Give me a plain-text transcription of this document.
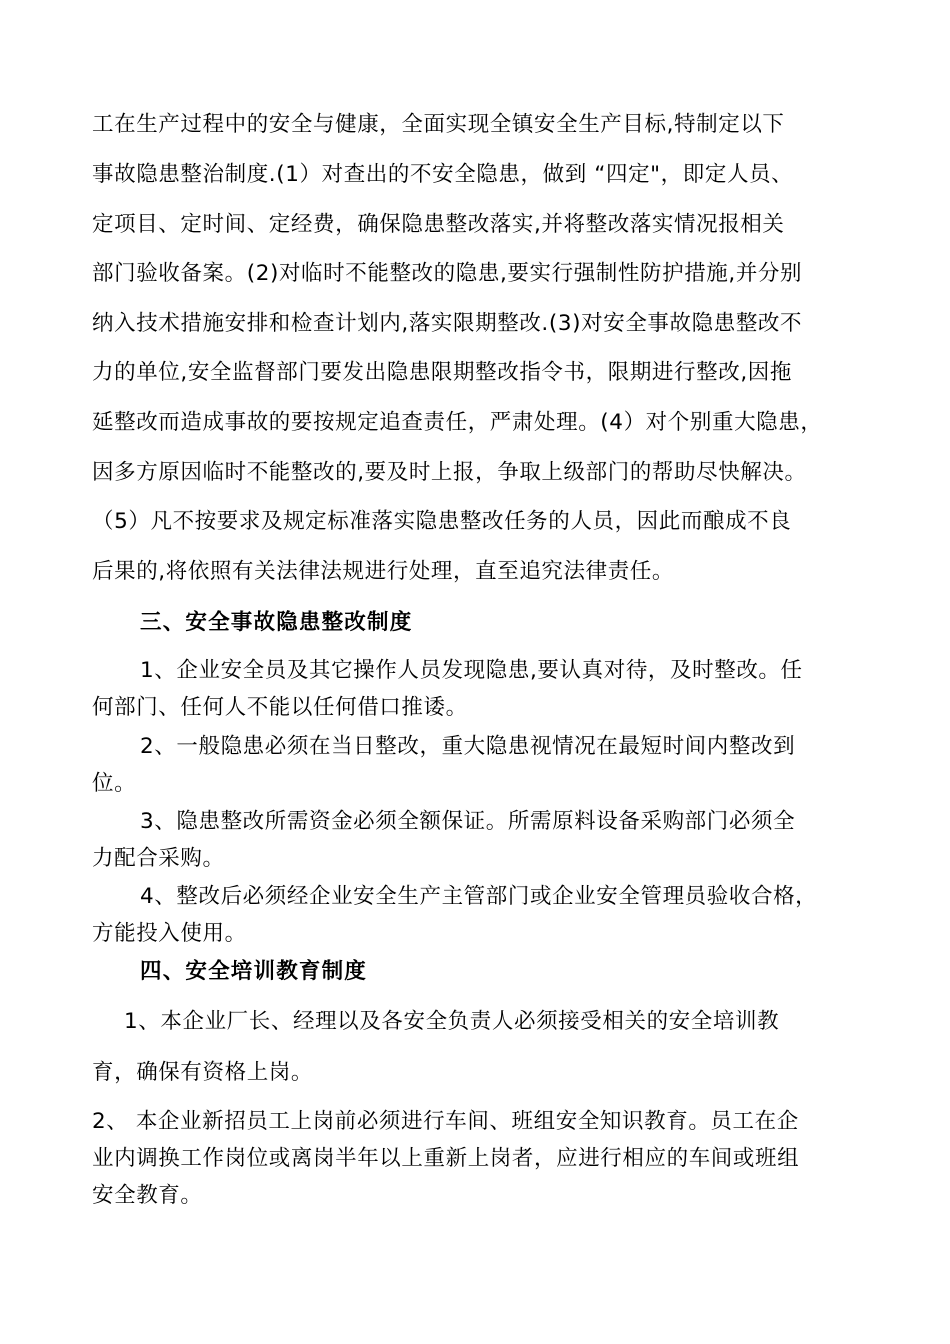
工在生产过程中的安全与健康，全面实现全镇安全生产目标,特制定以下
事故隐患整治制度.(1）对查出的不安全隐患，做到 “四定"，即定人员、
定项目、定时间、定经费，确保隐患整改落实,并将整改落实情况报相关
部门验收备案。(2)对临时不能整改的隐患,要实行强制性防护措施,并分别
纳入技术措施安排和检查计划内,落实限期整改.(3)对安全事故隐患整改不
力的单位,安全监督部门要发出隐患限期整改指令书，限期进行整改,因拖
延整改而造成事故的要按规定追查责任，严肃处理。(4）对个别重大隐患，
因多方原因临时不能整改的,要及时上报，争取上级部门的帮助尽快解决。
（5）凡不按要求及规定标准落实隐患整改任务的人员，因此而酿成不良
后果的,将依照有关法律法规进行处理，直至追究法律责任。
三、安全事故隐患整改制度
1、企业安全员及其它操作人员发现隐患,要认真对待，及时整改。任
何部门、任何人不能以任何借口推诿。
2、一般隐患必须在当日整改，重大隐患视情况在最短时间内整改到
位。
3、隐患整改所需资金必须全额保证。所需原料设备采购部门必须全
力配合采购。
4、整改后必须经企业安全生产主管部门或企业安全管理员验收合格，
方能投入使用。
四、安全培训教育制度
1、本企业厂长、经理以及各安全负责人必须接受相关的安全培训教
育，确保有资格上岗。
2、 本企业新招员工上岗前必须进行车间、班组安全知识教育。员工在企
业内调换工作岗位或离岗半年以上重新上岗者，应进行相应的车间或班组
安全教育。
